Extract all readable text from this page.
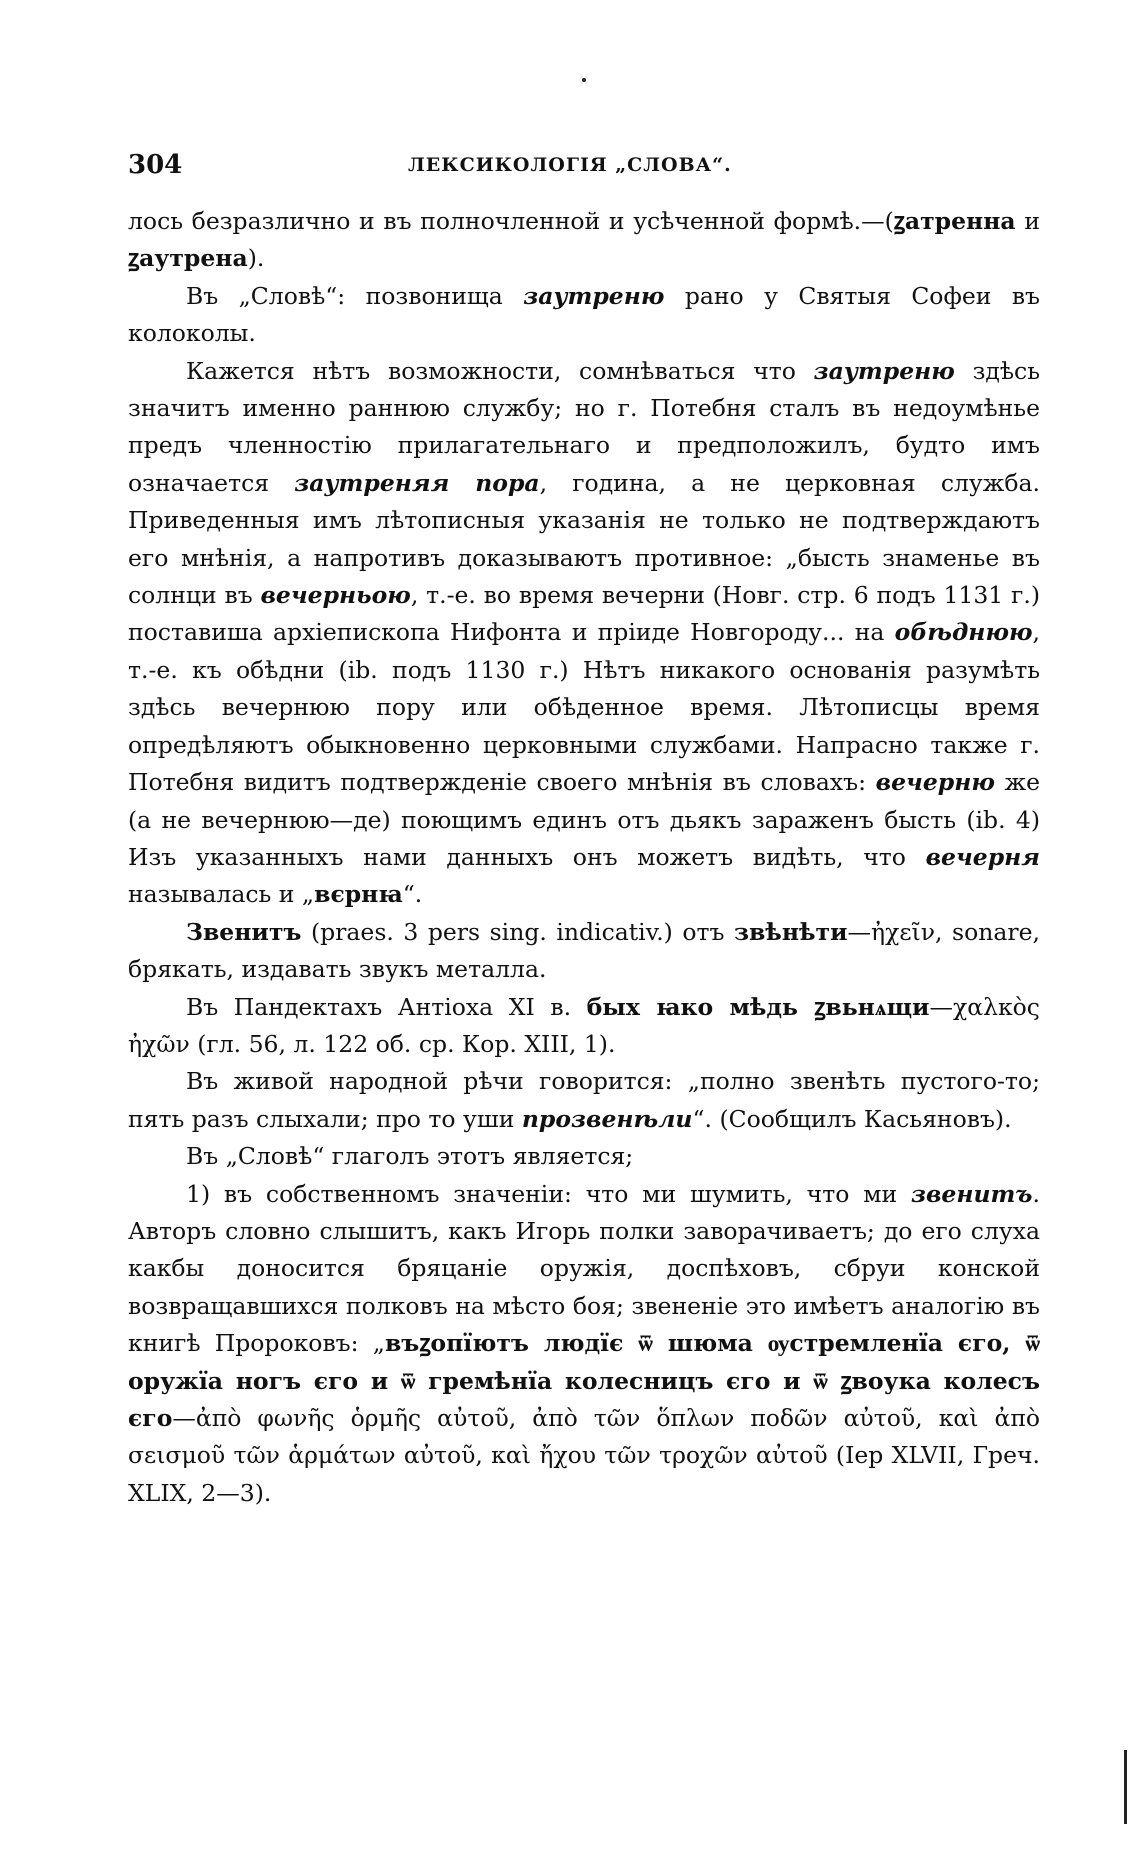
304	ЛЕКСИКОЛОГІЯ „СЛОВА“.

лось безразлично и въ полночленной и усѣченной формѣ.—(ꙁатренна и ꙁаутрена).

Въ „Словѣ“: позвонища заутреню рано у Святыя Софеи въ колоколы.

Кажется нѣтъ возможности, сомнѣваться что заутреню здѣсь значитъ именно раннюю службу; но г. Потебня сталъ въ недоумѣнье предъ членностію прилагательнаго и предположилъ, будто имъ означается заутреняя пора, година, а не церковная служба. Приведенныя имъ лѣтописныя указанія не только не подтверждаютъ его мнѣнія, а напротивъ доказываютъ противное: „бысть знаменье въ солнци въ вечерньою, т.-е. во время вечерни (Новг. стр. 6 подъ 1131 г.) поставиша архіепископа Нифонта и пріиде Новгороду... на обѣднюю, т.-е. къ обѣдни (ib. подъ 1130 г.) Нѣтъ никакого основанія разумѣть здѣсь вечернюю пору или обѣденное время. Лѣтописцы время опредѣляютъ обыкновенно церковными службами. Напрасно также г. Потебня видитъ подтвержденіе своего мнѣнія въ словахъ: вечерню же (а не вечернюю—де) поющимъ единъ отъ дьякъ зараженъ бысть (ib. 4) Изъ указанныхъ нами данныхъ онъ можетъ видѣть, что вечерня называлась и „вєрнꙗ“.

Звенитъ (praes. 3 pers sing. indicativ.) отъ звѣнѣти—ἠχεῖν, sonare, брякать, издавать звукъ металла.

Въ Пандектахъ Антіоха XI в. бых ꙗко мѣдь ꙁвьнѧщи—χαλκὸς ἠχῶν (гл. 56, л. 122 об. ср. Кор. XIII, 1).

Въ живой народной рѣчи говорится: „полно звенѣть пустого-то; пять разъ слыхали; про то уши прозвенѣли“. (Сообщилъ Касьяновъ).

Въ „Словѣ“ глаголъ этотъ является;

1) въ собственномъ значеніи: что ми шумить, что ми звенитъ. Авторъ словно слышитъ, какъ Игорь полки заворачиваетъ; до его слуха какбы доносится бряцаніе оружія, доспѣховъ, сбруи конской возвращавшихся полковъ на мѣсто боя; звененіе это имѣетъ аналогію въ книгѣ Пророковъ: „въꙁопїютъ людїє ѿ шюма ѹстремленїа єго, ѿ оружїа ногъ єго и ѿ гремѣнїа колесницъ єго и ѿ ꙁвоука колесъ єго—ἀπὸ φωνῆς ὁρμῆς αὐτοῦ, ἀπὸ τῶν ὅπλων ποδῶν αὐτοῦ, καὶ ἀπὸ σεισμοῦ τῶν ἁρμάτων αὐτοῦ, καὶ ἤχου τῶν τροχῶν αὐτοῦ (Іер XLVII, Греч. XLIX, 2—3).
